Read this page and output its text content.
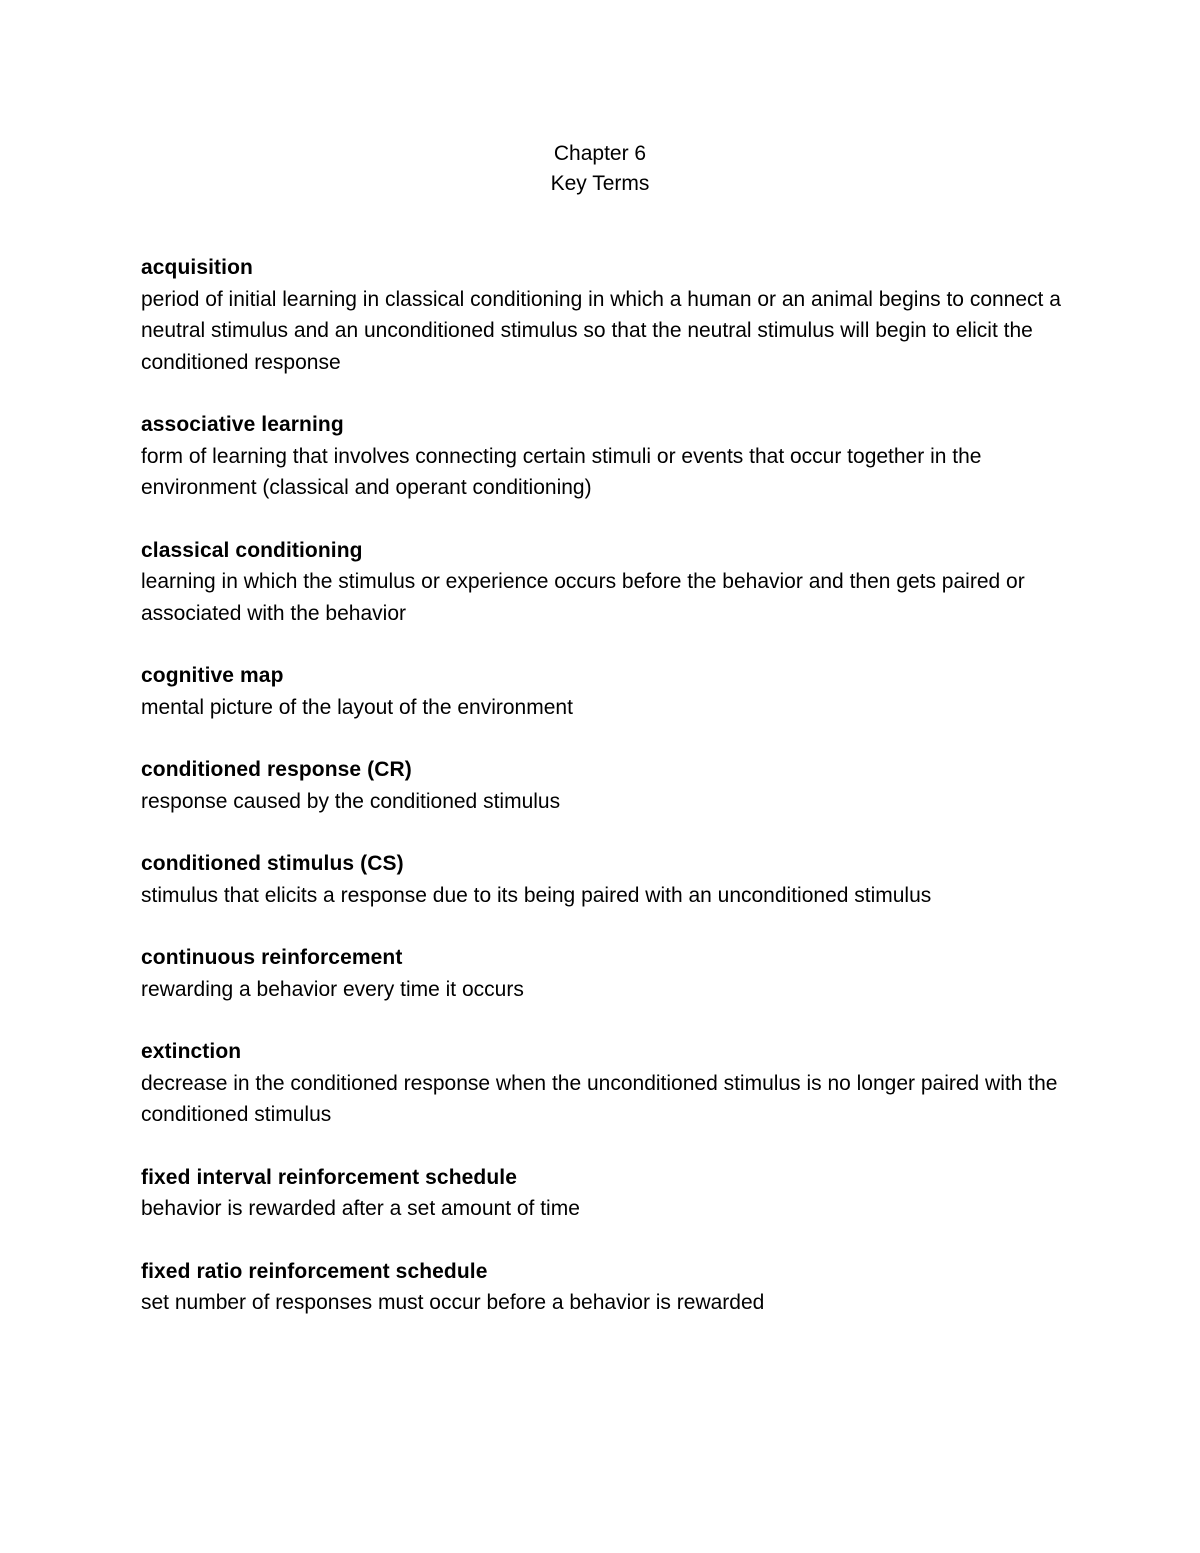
Chapter 6
Key Terms
acquisition
period of initial learning in classical conditioning in which a human or an animal begins to connect a neutral stimulus and an unconditioned stimulus so that the neutral stimulus will begin to elicit the conditioned response
associative learning
form of learning that involves connecting certain stimuli or events that occur together in the environment (classical and operant conditioning)
classical conditioning
learning in which the stimulus or experience occurs before the behavior and then gets paired or associated with the behavior
cognitive map
mental picture of the layout of the environment
conditioned response (CR)
response caused by the conditioned stimulus
conditioned stimulus (CS)
stimulus that elicits a response due to its being paired with an unconditioned stimulus
continuous reinforcement
rewarding a behavior every time it occurs
extinction
decrease in the conditioned response when the unconditioned stimulus is no longer paired with the conditioned stimulus
fixed interval reinforcement schedule
behavior is rewarded after a set amount of time
fixed ratio reinforcement schedule
set number of responses must occur before a behavior is rewarded
